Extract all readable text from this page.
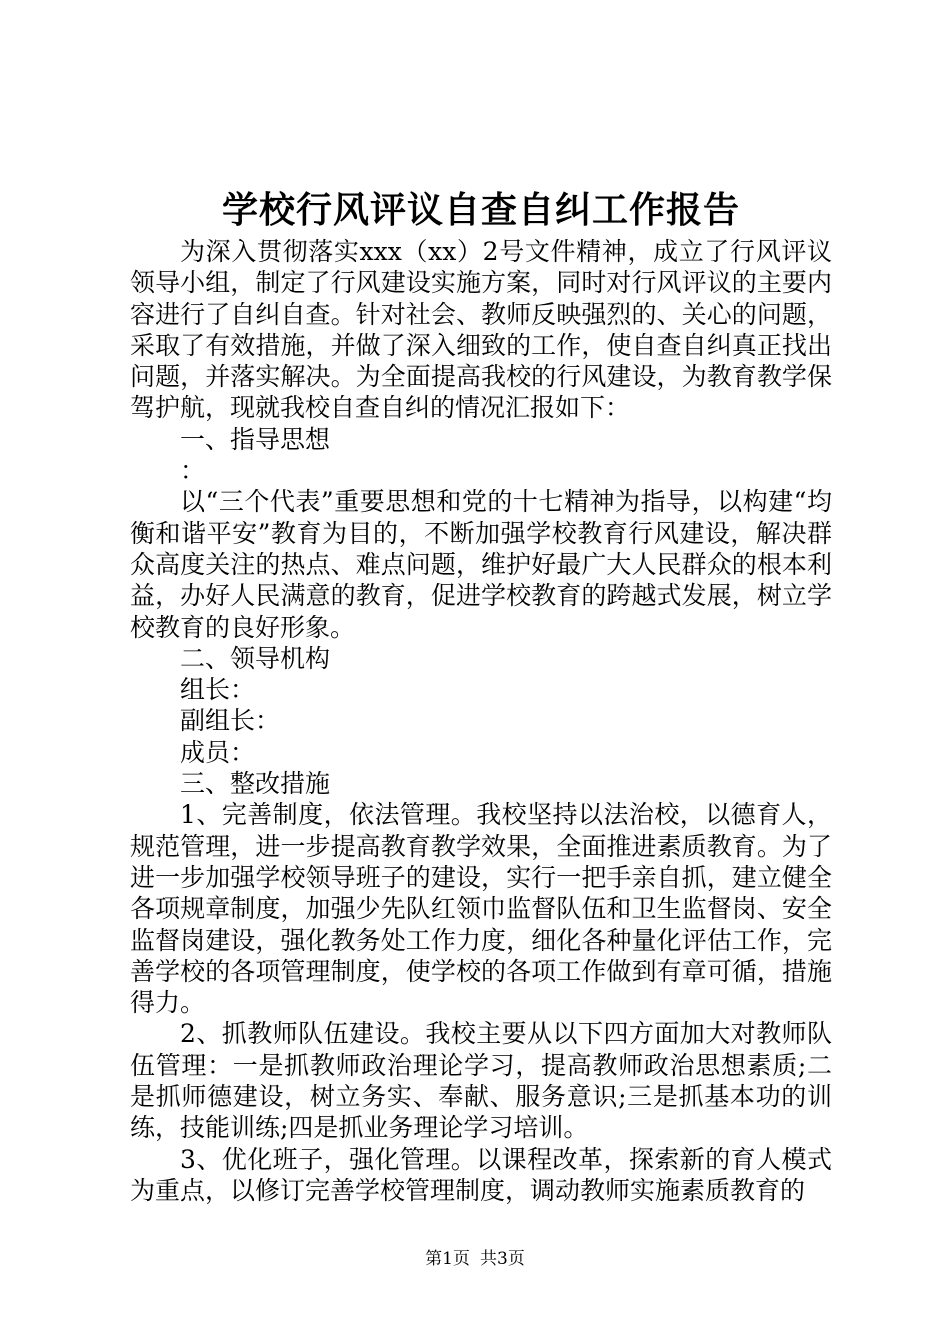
学校行风评议自查自纠工作报告

为深入贯彻落实xxx（xx）2号文件精神，成立了行风评议领导小组，制定了行风建设实施方案，同时对行风评议的主要内容进行了自纠自查。针对社会、教师反映强烈的、关心的问题，采取了有效措施，并做了深入细致的工作，使自查自纠真正找出问题，并落实解决。为全面提高我校的行风建设，为教育教学保驾护航，现就我校自查自纠的情况汇报如下：

一、指导思想

：

以“三个代表”重要思想和党的十七精神为指导，以构建“均衡和谐平安”教育为目的，不断加强学校教育行风建设，解决群众高度关注的热点、难点问题，维护好最广大人民群众的根本利益，办好人民满意的教育，促进学校教育的跨越式发展，树立学校教育的良好形象。

二、领导机构

组长：

副组长：

成员：

三、整改措施

1、完善制度，依法管理。我校坚持以法治校，以德育人，规范管理，进一步提高教育教学效果，全面推进素质教育。为了进一步加强学校领导班子的建设，实行一把手亲自抓，建立健全各项规章制度，加强少先队红领巾监督队伍和卫生监督岗、安全监督岗建设，强化教务处工作力度，细化各种量化评估工作，完善学校的各项管理制度，使学校的各项工作做到有章可循，措施得力。

2、抓教师队伍建设。我校主要从以下四方面加大对教师队伍管理：一是抓教师政治理论学习，提高教师政治思想素质;二是抓师德建设，树立务实、奉献、服务意识;三是抓基本功的训练，技能训练;四是抓业务理论学习培训。

3、优化班子，强化管理。以课程改革，探索新的育人模式为重点，以修订完善学校管理制度，调动教师实施素质教育的

第1页 共3页
